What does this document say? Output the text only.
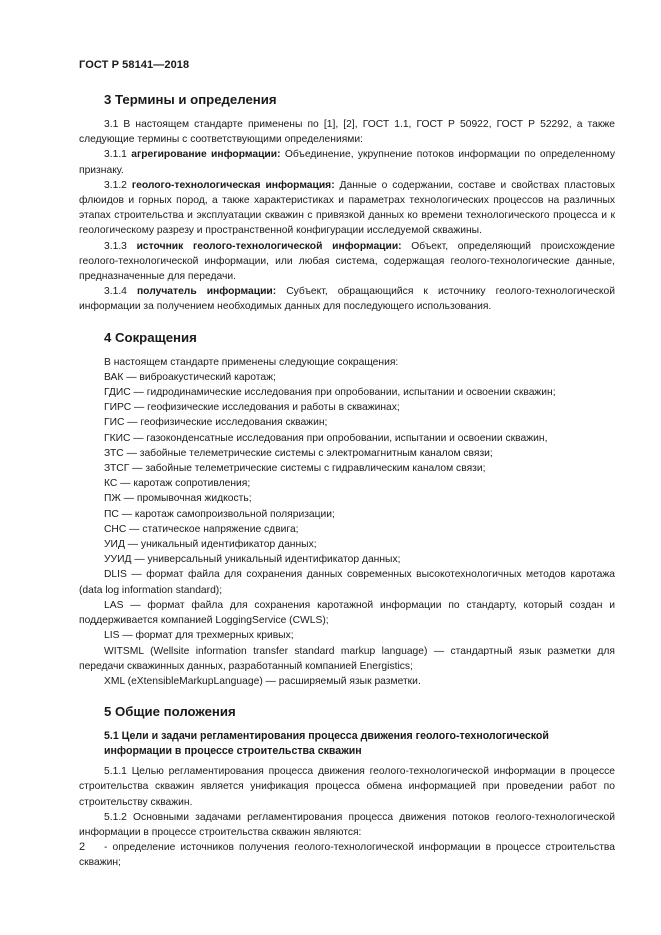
ГОСТ Р 58141—2018
3 Термины и определения

3.1 В настоящем стандарте применены по [1], [2], ГОСТ 1.1, ГОСТ Р 50922, ГОСТ Р 52292, а также следующие термины с соответствующими определениями:

3.1.1 агрегирование информации: Объединение, укрупнение потоков информации по определенному признаку.

3.1.2 геолого-технологическая информация: Данные о содержании, составе и свойствах пластовых флюидов и горных пород, а также характеристиках и параметрах технологических процессов на различных этапах строительства и эксплуатации скважин с привязкой данных ко времени технологического процесса и к геологическому разрезу и пространственной конфигурации исследуемой скважины.

3.1.3 источник геолого-технологической информации: Объект, определяющий происхождение геолого-технологической информации, или любая система, содержащая геолого-технологические данные, предназначенные для передачи.

3.1.4 получатель информации: Субъект, обращающийся к источнику геолого-технологической информации за получением необходимых данных для последующего использования.

4 Сокращения

В настоящем стандарте применены следующие сокращения:

ВАК — виброакустический каротаж;

ГДИС — гидродинамические исследования при опробовании, испытании и освоении скважин;

ГИРС — геофизические исследования и работы в скважинах;

ГИС — геофизические исследования скважин;

ГКИС — газоконденсатные исследования при опробовании, испытании и освоении скважин,

ЗТС — забойные телеметрические системы с электромагнитным каналом связи;

ЗТСГ — забойные телеметрические системы с гидравлическим каналом связи;

КС — каротаж сопротивления;

ПЖ — промывочная жидкость;

ПС — каротаж самопроизвольной поляризации;

СНС — статическое напряжение сдвига;

УИД — уникальный идентификатор данных;

УУИД — универсальный уникальный идентификатор данных;

DLIS — формат файла для сохранения данных современных высокотехнологичных методов каротажа (data log information standard);

LAS — формат файла для сохранения каротажной информации по стандарту, который создан и поддерживается компанией LoggingService (CWLS);

LIS — формат для трехмерных кривых;

WITSML (Wellsite information transfer standard markup language) — стандартный язык разметки для передачи скважинных данных, разработанный компанией Energistics;

XML (eXtensibleMarkupLanguage) — расширяемый язык разметки.

5 Общие положения
5.1 Цели и задачи регламентирования процесса движения геолого-технологической информации в процессе строительства скважин

5.1.1 Целью регламентирования процесса движения геолого-технологической информации в процессе строительства скважин является унификация процесса обмена информацией при проведении работ по строительству скважин.

5.1.2 Основными задачами регламентирования процесса движения потоков геолого-технологической информации в процессе строительства скважин являются:

- определение источников получения геолого-технологической информации в процессе строительства скважин;

2
